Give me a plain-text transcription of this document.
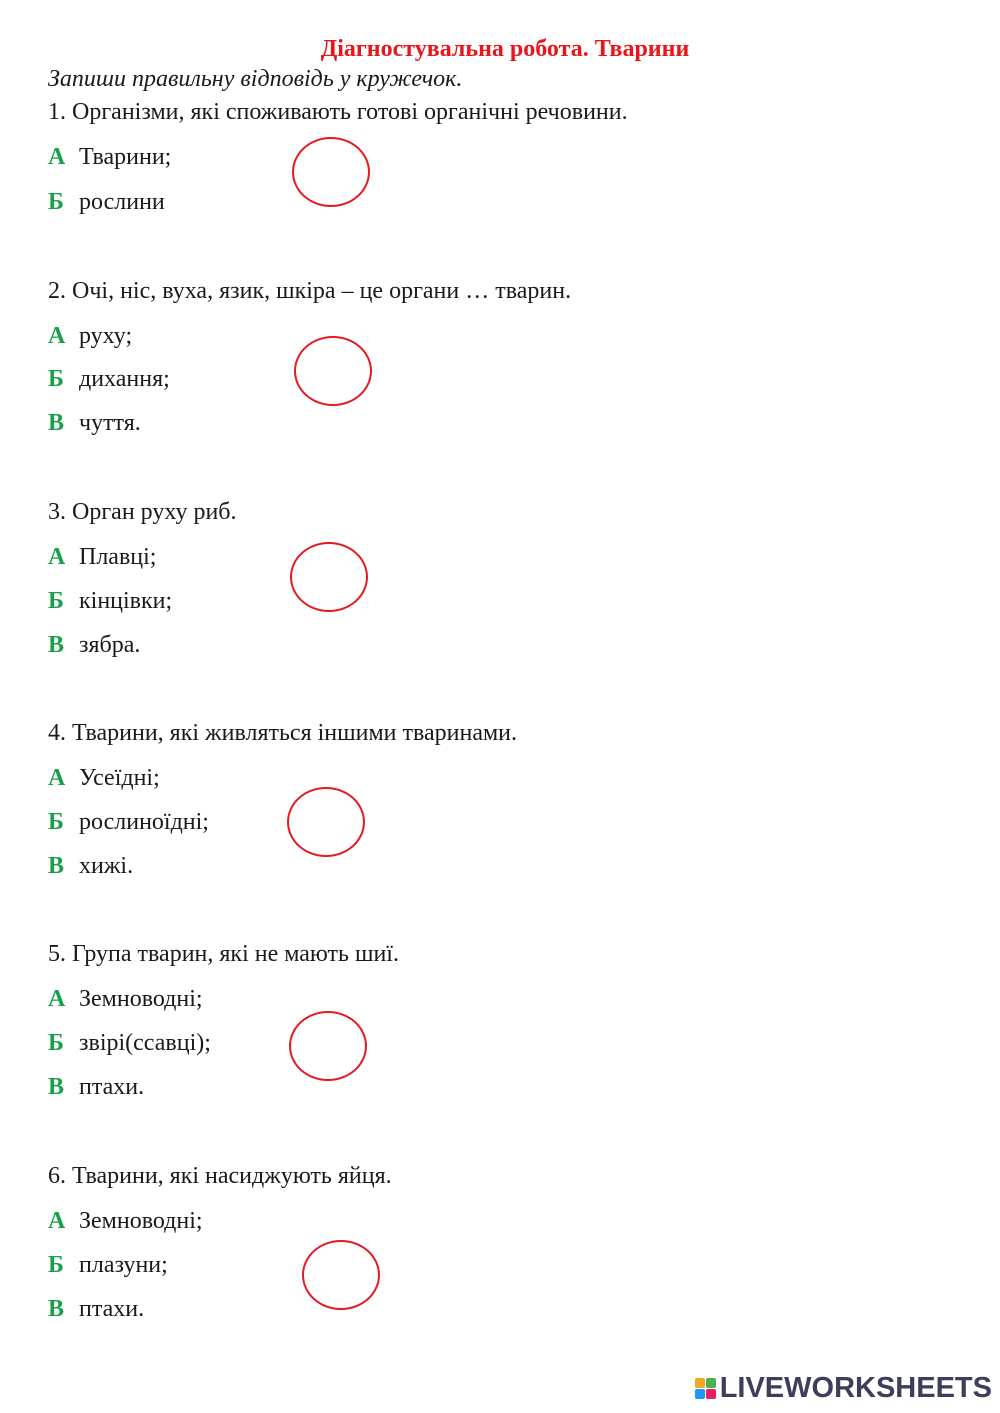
Діагностувальна робота. Тварини
Запиши правильну відповідь у кружечок.
1. Організми, які споживають готові органічні речовини.
А Тварини;
Б рослини
2. Очі, ніс, вуха, язик, шкіра – це органи … тварин.
А руху;
Б дихання;
В чуття.
3. Орган руху риб.
А Плавці;
Б кінцівки;
В зябра.
4. Тварини, які живляться іншими тваринами.
А Усеїдні;
Б рослиноїдні;
В хижі.
5. Група тварин, які не мають шиї.
А Земноводні;
Б звірі(ссавці);
В птахи.
6. Тварини, які насиджують яйця.
А Земноводні;
Б плазуни;
В птахи.
LIVEWORKSHEETS
